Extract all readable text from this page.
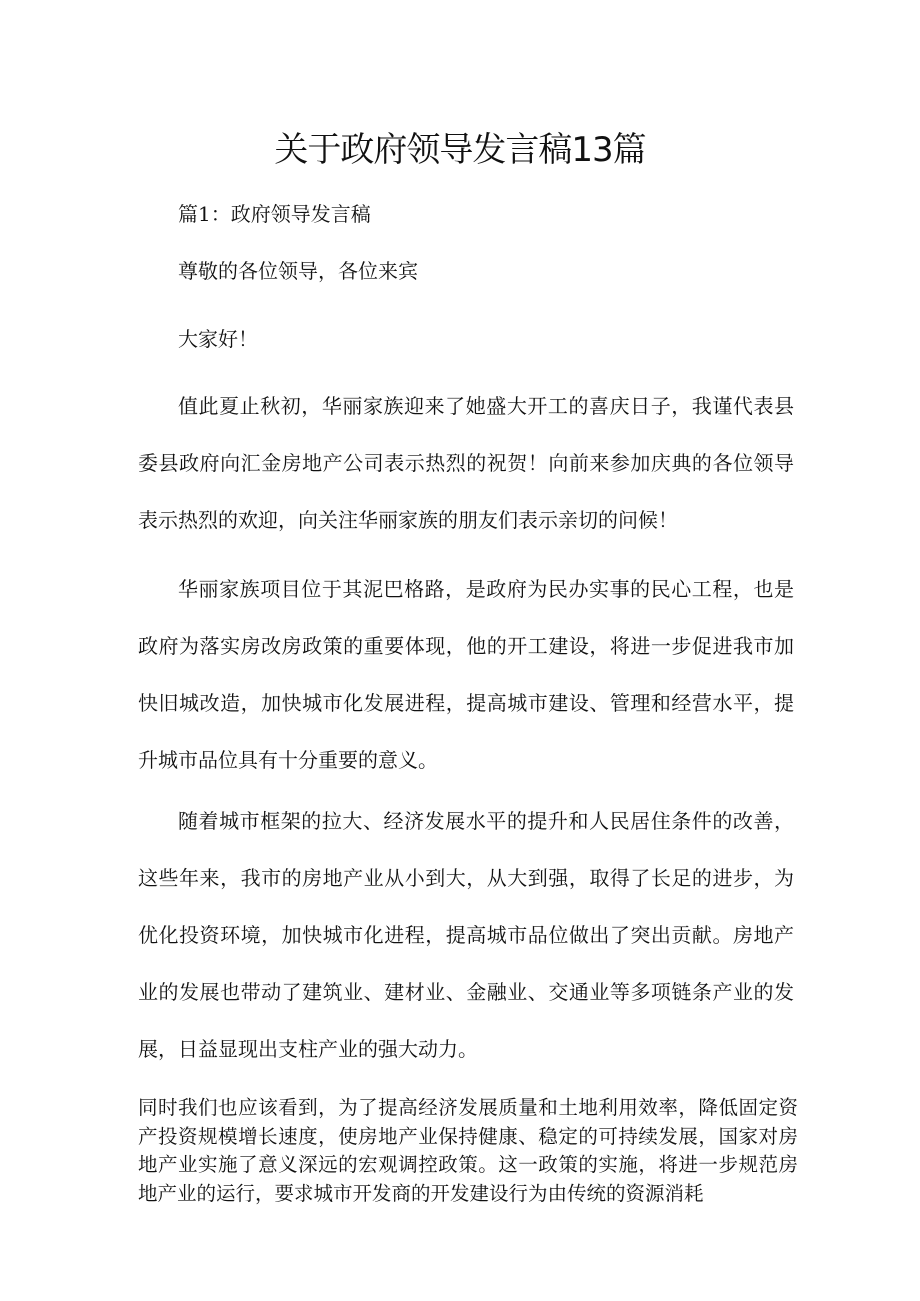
关于政府领导发言稿13篇
篇1：政府领导发言稿
尊敬的各位领导，各位来宾
大家好！

值此夏止秋初，华丽家族迎来了她盛大开工的喜庆日子，我谨代表县委县政府向汇金房地产公司表示热烈的祝贺！向前来参加庆典的各位领导表示热烈的欢迎，向关注华丽家族的朋友们表示亲切的问候！

华丽家族项目位于其泥巴格路，是政府为民办实事的民心工程，也是政府为落实房改房政策的重要体现，他的开工建设，将进一步促进我市加快旧城改造，加快城市化发展进程，提高城市建设、管理和经营水平，提升城市品位具有十分重要的意义。

随着城市框架的拉大、经济发展水平的提升和人民居住条件的改善，这些年来，我市的房地产业从小到大，从大到强，取得了长足的进步，为优化投资环境，加快城市化进程，提高城市品位做出了突出贡献。房地产业的发展也带动了建筑业、建材业、金融业、交通业等多项链条产业的发展，日益显现出支柱产业的强大动力。

同时我们也应该看到，为了提高经济发展质量和土地利用效率，降低固定资产投资规模增长速度，使房地产业保持健康、稳定的可持续发展，国家对房地产业实施了意义深远的宏观调控政策。这一政策的实施，将进一步规范房地产业的运行，要求城市开发商的开发建设行为由传统的资源消耗
